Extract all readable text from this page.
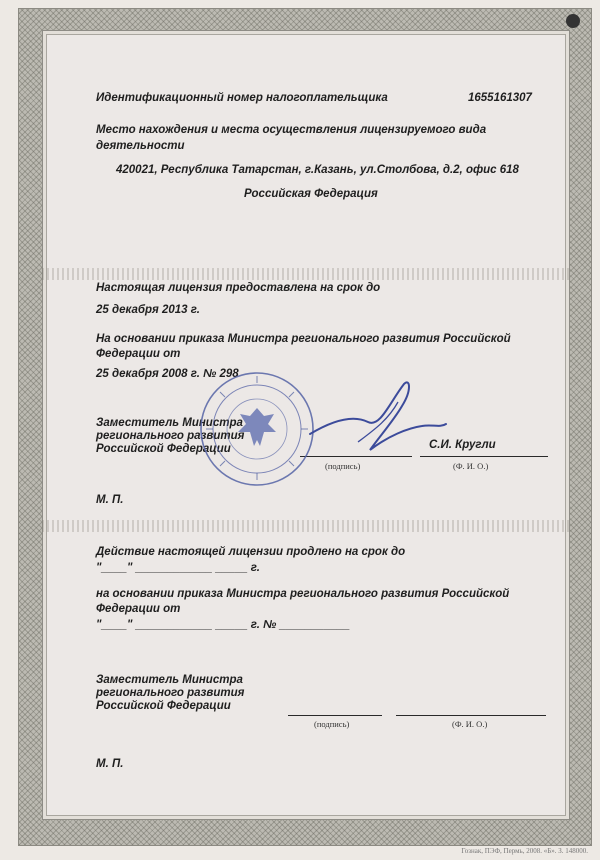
Идентификационный номер налогоплательщика	1655161307
Место нахождения и места осуществления лицензируемого вида
деятельности
420021, Республика Татарстан, г.Казань, ул.Столбова, д.2, офис 618
Российская Федерация
Настоящая лицензия предоставлена на срок до
25 декабря 2013 г.
На основании приказа Министра регионального развития Российской
Федерации от
25 декабря 2008 г. № 298
Заместитель Министра
регионального развития
Российской Федерации	С.И. Кругли
(подпись)	(Ф. И. О.)
М. П.
Действие настоящей лицензии продлено на срок до
"____" ____________ _____ г.
на основании приказа Министра регионального развития Российской
Федерации от
"____" ____________ _____ г. № ___________
Заместитель Министра
регионального развития
Российской Федерации
(подпись)	(Ф. И. О.)
М. П.
Гознак, ПЭФ, Пермь, 2008. «Б». З. 148000.
